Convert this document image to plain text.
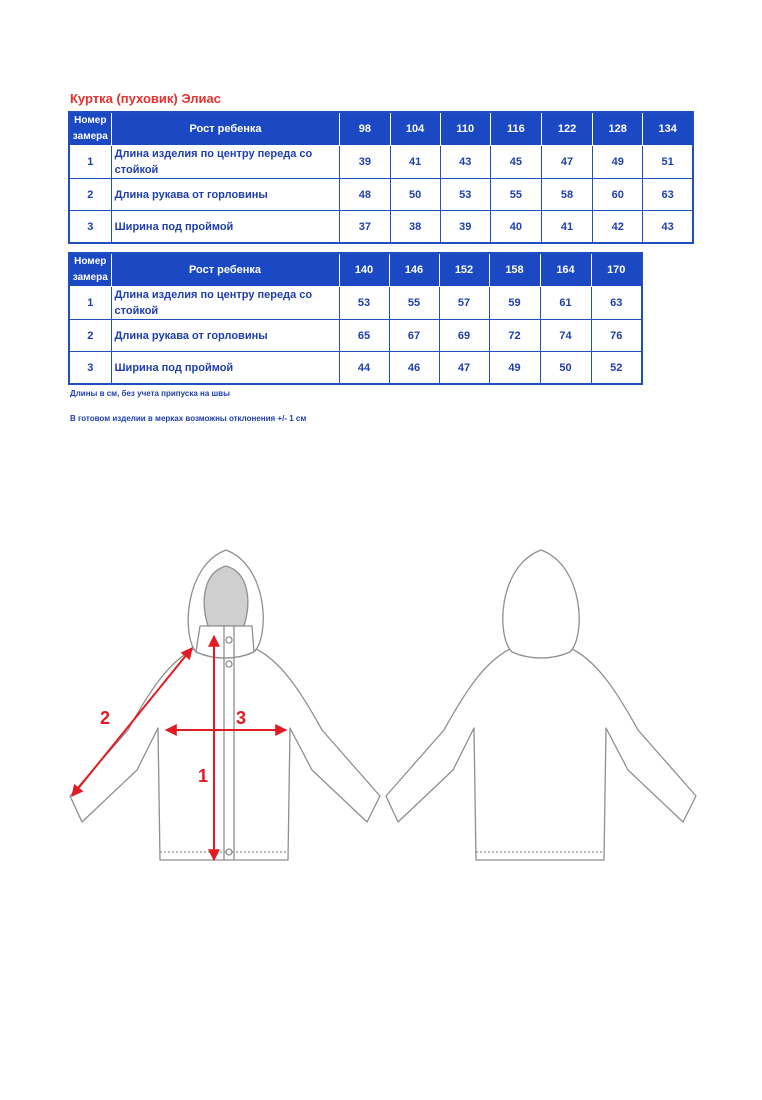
Куртка (пуховик) Элиас
Номер
замера	Рост ребенка	98	104	110	116	122	128	134
1	Длина изделия по центру переда со стойкой	39	41	43	45	47	49	51
2	Длина рукава от горловины	48	50	53	55	58	60	63
3	Ширина под проймой	37	38	39	40	41	42	43
Номер
замера	Рост ребенка	140	146	152	158	164	170
1	Длина изделия по центру переда со стойкой	53	55	57	59	61	63
2	Длина рукава от горловины	65	67	69	72	74	76
3	Ширина под проймой	44	46	47	49	50	52
Длины в см, без учета припуска на швы
В готовом изделии в мерках возможны отклонения +/- 1 см
1
2	3
